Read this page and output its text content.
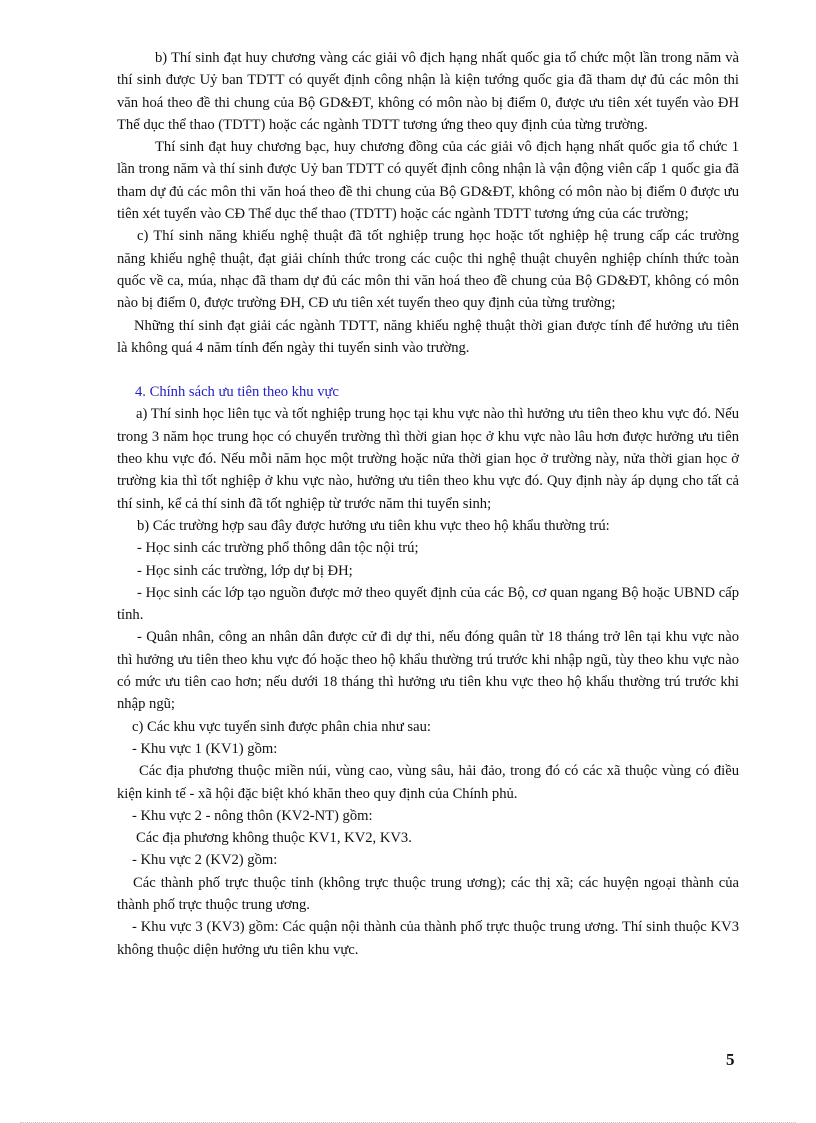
b) Thí sinh đạt huy chương vàng các giải vô địch hạng nhất quốc gia tổ chức một lần trong năm và thí sinh được Uỷ ban TDTT có quyết định công nhận là kiện tướng quốc gia đã tham dự đủ các môn thi văn hoá theo đề thi chung của Bộ GD&ĐT, không có môn nào bị điểm 0, được ưu tiên xét tuyển vào ĐH Thể dục thể thao (TDTT) hoặc các ngành TDTT tương ứng theo quy định của từng trường.

Thí sinh đạt huy chương bạc, huy chương đồng của các giải vô địch hạng nhất quốc gia tổ chức 1 lần trong năm và thí sinh được Uỷ ban TDTT có quyết định công nhận là vận động viên cấp 1 quốc gia đã tham dự đủ các môn thi văn hoá theo đề thi chung của Bộ GD&ĐT, không có môn nào bị điểm 0 được ưu tiên xét tuyển vào CĐ Thể dục thể thao (TDTT) hoặc các ngành TDTT tương ứng của các trường;

c) Thí sinh năng khiếu nghệ thuật đã tốt nghiệp trung học hoặc tốt nghiệp hệ trung cấp các trường năng khiếu nghệ thuật, đạt giải chính thức trong các cuộc thi nghệ thuật chuyên nghiệp chính thức toàn quốc về ca, múa, nhạc đã tham dự đủ các môn thi văn hoá theo đề chung của Bộ GD&ĐT, không có môn nào bị điểm 0, được trường ĐH, CĐ ưu tiên xét tuyển theo quy định của từng trường;

Những thí sinh đạt giải các ngành TDTT, năng khiếu nghệ thuật thời gian được tính để hưởng ưu tiên là không quá 4 năm tính đến ngày thi tuyển sinh vào trường.

4. Chính sách ưu tiên theo khu vực

a) Thí sinh học liên tục và tốt nghiệp trung học tại khu vực nào thì hưởng ưu tiên theo khu vực đó. Nếu trong 3 năm học trung học có chuyển trường thì thời gian học ở khu vực nào lâu hơn được hưởng ưu tiên theo khu vực đó. Nếu mỗi năm học một trường hoặc nửa thời gian học ở trường này, nửa thời gian học ở trường kia thì tốt nghiệp ở khu vực nào, hưởng ưu tiên theo khu vực đó. Quy định này áp dụng cho tất cả thí sinh, kể cả thí sinh đã tốt nghiệp từ trước năm thi tuyển sinh;

b) Các trường hợp sau đây được hưởng ưu tiên khu vực theo hộ khẩu thường trú:

- Học sinh các trường phổ thông dân tộc nội trú;

- Học sinh các trường, lớp dự bị ĐH;

- Học sinh các lớp tạo nguồn được mở theo quyết định của các Bộ, cơ quan ngang Bộ hoặc UBND cấp tỉnh.

- Quân nhân, công an nhân dân được cử đi dự thi, nếu đóng quân từ 18 tháng trở lên tại khu vực nào thì hưởng ưu tiên theo khu vực đó hoặc theo hộ khẩu thường trú trước khi nhập ngũ, tùy theo khu vực nào có mức ưu tiên cao hơn; nếu dưới 18 tháng thì hưởng ưu tiên khu vực theo hộ khẩu thường trú trước khi nhập ngũ;

c) Các khu vực tuyển sinh được phân chia như sau:

- Khu vực 1 (KV1) gồm:

Các địa phương thuộc miền núi, vùng cao, vùng sâu, hải đảo, trong đó có các xã thuộc vùng có điều kiện kinh tế - xã hội đặc biệt khó khăn theo quy định của Chính phủ.

- Khu vực 2 - nông thôn (KV2-NT) gồm:

Các địa phương không thuộc KV1, KV2, KV3.

- Khu vực 2 (KV2) gồm:

Các thành phố trực thuộc tỉnh (không trực thuộc trung ương); các thị xã; các huyện ngoại thành của thành phố trực thuộc trung ương.

- Khu vực 3 (KV3) gồm: Các quận nội thành của thành phố trực thuộc trung ương. Thí sinh thuộc KV3 không thuộc diện hưởng ưu tiên khu vực.

5
